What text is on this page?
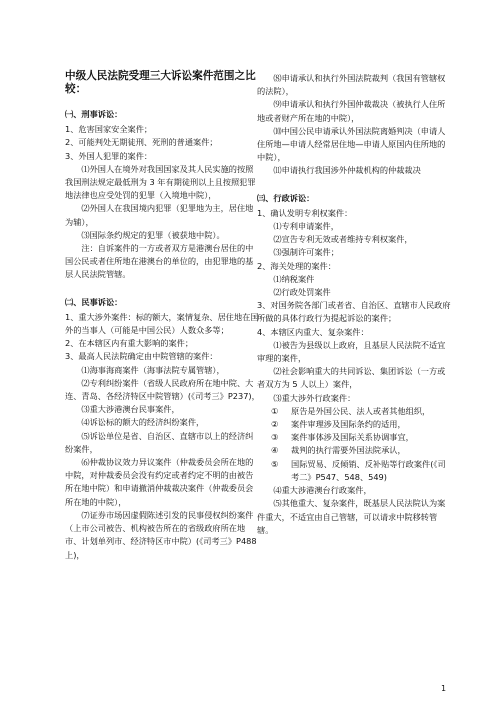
中级人民法院受理三大诉讼案件范围之比较：

㈠、刑事诉讼：

1、危害国家安全案件；

2、可能判处无期徒刑、死刑的普通案件；

3、外国人犯罪的案件：

⑴外国人在境外对我国国家及其人民实施的按照我国刑法规定最低刑为 3 年有期徒刑以上且按照犯罪地法律也应受处罚的犯罪（入境地中院），

⑵外国人在我国境内犯罪（犯罪地为主，居住地为辅），

⑶国际条约规定的犯罪（被获地中院）。

注：自诉案件的一方或者双方是港澳台居住的中国公民或者住所地在港澳台的单位的，由犯罪地的基层人民法院管辖。

㈡、民事诉讼：

1、重大涉外案件：标的额大，案情复杂、居住地在国外的当事人（可能是中国公民）人数众多等；

2、在本辖区内有重大影响的案件；

3、最高人民法院确定由中院管辖的案件：

⑴海事海商案件（海事法院专属管辖），

⑵专利纠纷案件（省级人民政府所在地中院、大连、青岛、各经济特区中院管辖）(《司考三》P237)，

⑶重大涉港澳台民事案件，

⑷诉讼标的额大的经济纠纷案件，

⑸诉讼单位是省、自治区、直辖市以上的经济纠纷案件，

⑹仲裁协议效力异议案件（仲裁委员会所在地的中院，对仲裁委员会没有约定或者约定不明的由被告所在地中院）和申请撤消仲裁裁决案件（仲裁委员会所在地的中院），

⑺证券市场因虚假陈述引发的民事侵权纠纷案件（上市公司被告、机构被告所在的省级政府所在地市、计划单列市、经济特区市中院）(《司考三》P488 上)，

⑻申请承认和执行外国法院裁判（我国有管辖权的法院），

⑼申请承认和执行外国仲裁裁决（被执行人住所地或者财产所在地的中院），

⑽中国公民申请承认外国法院离婚判决（申请人住所地—申请人经常居住地—申请人原国内住所地的中院），

⑾申请执行我国涉外仲裁机构的仲裁裁决

㈢、行政诉讼：

1、确认发明专利权案件：

⑴专利申请案件，

⑵宣告专利无效或者维持专利权案件，

⑶强制许可案件；

2、海关处理的案件：

⑴纳税案件

⑵行政处罚案件

3、对国务院各部门或者省、自治区、直辖市人民政府所做的具体行政行为提起诉讼的案件；

4、本辖区内重大、复杂案件：

⑴被告为县级以上政府，且基层人民法院不适宜审理的案件，

⑵社会影响重大的共同诉讼、集团诉讼（一方或者双方为 5 人以上）案件，

⑶重大涉外行政案件：

①	原告是外国公民、法人或者其他组织，
②	案件审理涉及国际条约的适用，
③	案件事体涉及国际关系协调事宜，
④	裁判的执行需要外国法院承认，
⑤	国际贸易、反倾销、反补贴等行政案件(《司考二》P547、548、549)

⑷重大涉港澳台行政案件，

⑸其他重大、复杂案件，既基层人民法院认为案件重大，不适宜由自己管辖，可以请求中院移转管辖。

1
